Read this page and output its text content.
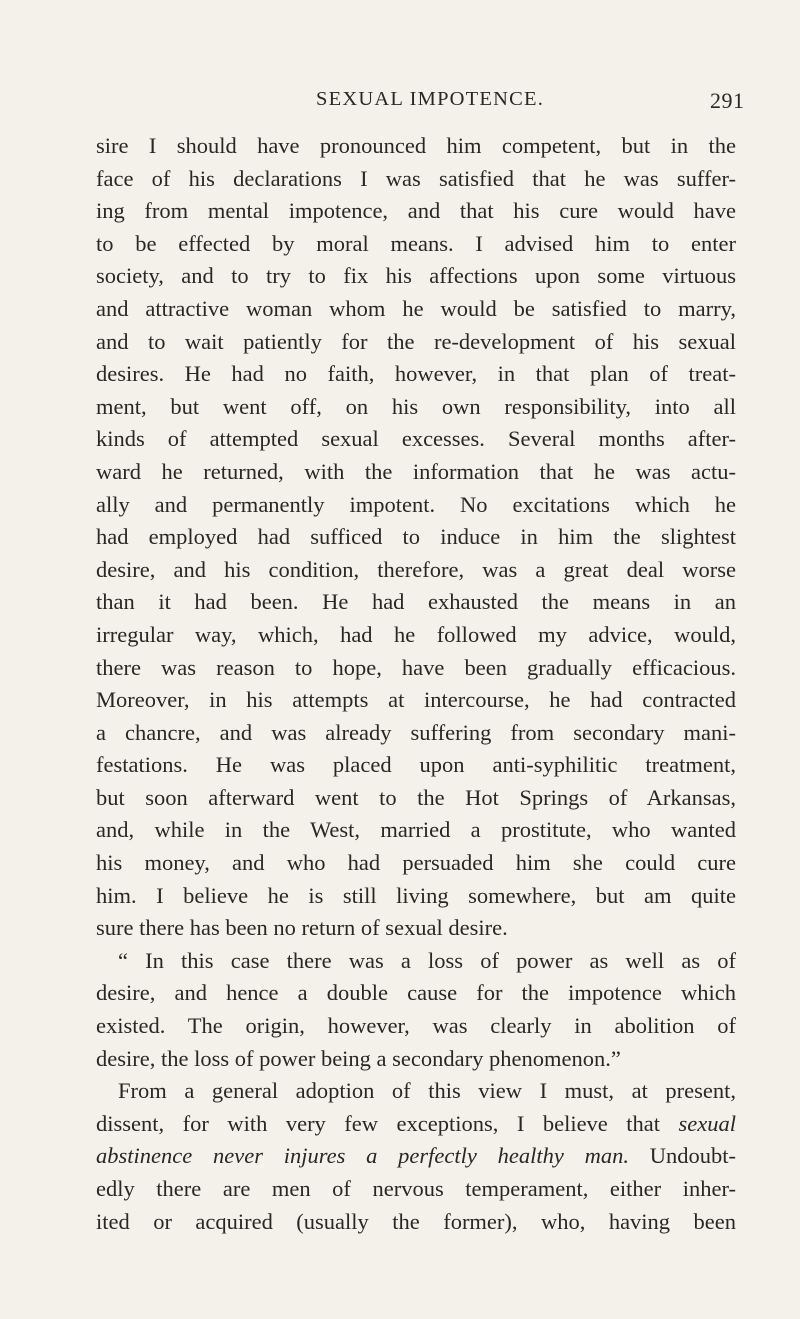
SEXUAL IMPOTENCE.	291
sire I should have pronounced him competent, but in the
face of his declarations I was satisfied that he was suffer-
ing from mental impotence, and that his cure would have
to be effected by moral means. I advised him to enter
society, and to try to fix his affections upon some virtuous
and attractive woman whom he would be satisfied to marry,
and to wait patiently for the re-development of his sexual
desires. He had no faith, however, in that plan of treat-
ment, but went off, on his own responsibility, into all
kinds of attempted sexual excesses. Several months after-
ward he returned, with the information that he was actu-
ally and permanently impotent. No excitations which he
had employed had sufficed to induce in him the slightest
desire, and his condition, therefore, was a great deal worse
than it had been. He had exhausted the means in an
irregular way, which, had he followed my advice, would,
there was reason to hope, have been gradually efficacious.
Moreover, in his attempts at intercourse, he had contracted
a chancre, and was already suffering from secondary mani-
festations. He was placed upon anti-syphilitic treatment,
but soon afterward went to the Hot Springs of Arkansas,
and, while in the West, married a prostitute, who wanted
his money, and who had persuaded him she could cure
him. I believe he is still living somewhere, but am quite
sure there has been no return of sexual desire.
“ In this case there was a loss of power as well as of
desire, and hence a double cause for the impotence which
existed. The origin, however, was clearly in abolition of
desire, the loss of power being a secondary phenomenon.”
From a general adoption of this view I must, at present,
dissent, for with very few exceptions, I believe that sexual
abstinence never injures a perfectly healthy man. Undoubt-
edly there are men of nervous temperament, either inher-
ited or acquired (usually the former), who, having been
